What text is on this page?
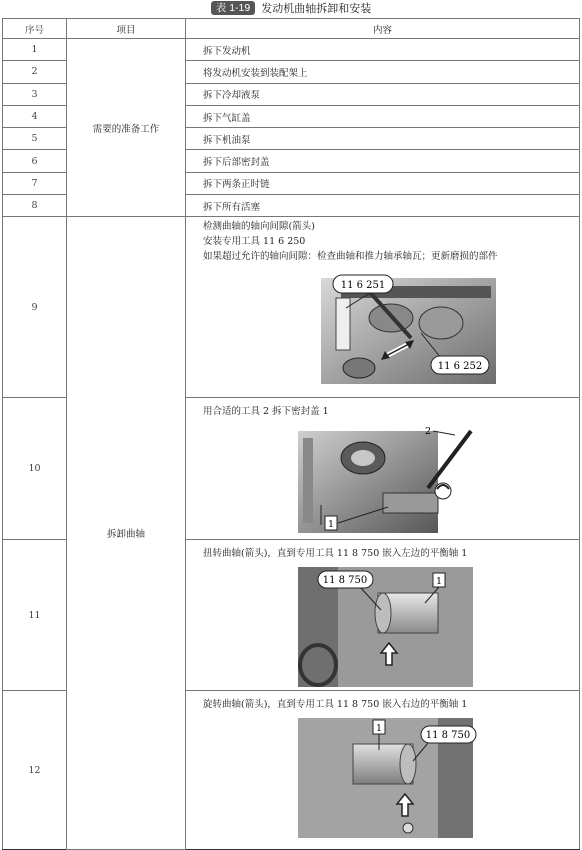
表 1-19	发动机曲轴拆卸和安装
序号	项目	内容
1	需要的准备工作	拆下发动机
2		将发动机安装到装配架上
3		拆下冷却液泵
4		拆下气缸盖
5		拆下机油泵
6		拆下后部密封盖
7		拆下两条正时链
8		拆下所有活塞
9	拆卸曲轴	检测曲轴的轴向间隙(箭头)
安装专用工具 11 6 250
如果超过允许的轴向间隙：检查曲轴和推力轴承轴瓦；更新磨损的部件
11 6 251
11 6 252

10		用合适的工具 2 拆下密封盖 1
1
2

11		扭转曲轴(箭头)，直到专用工具 11 8 750 嵌入左边的平衡轴 1
11 8 750 1

12		旋转曲轴(箭头)，直到专用工具 11 8 750 嵌入右边的平衡轴 1
11 8 750
1
